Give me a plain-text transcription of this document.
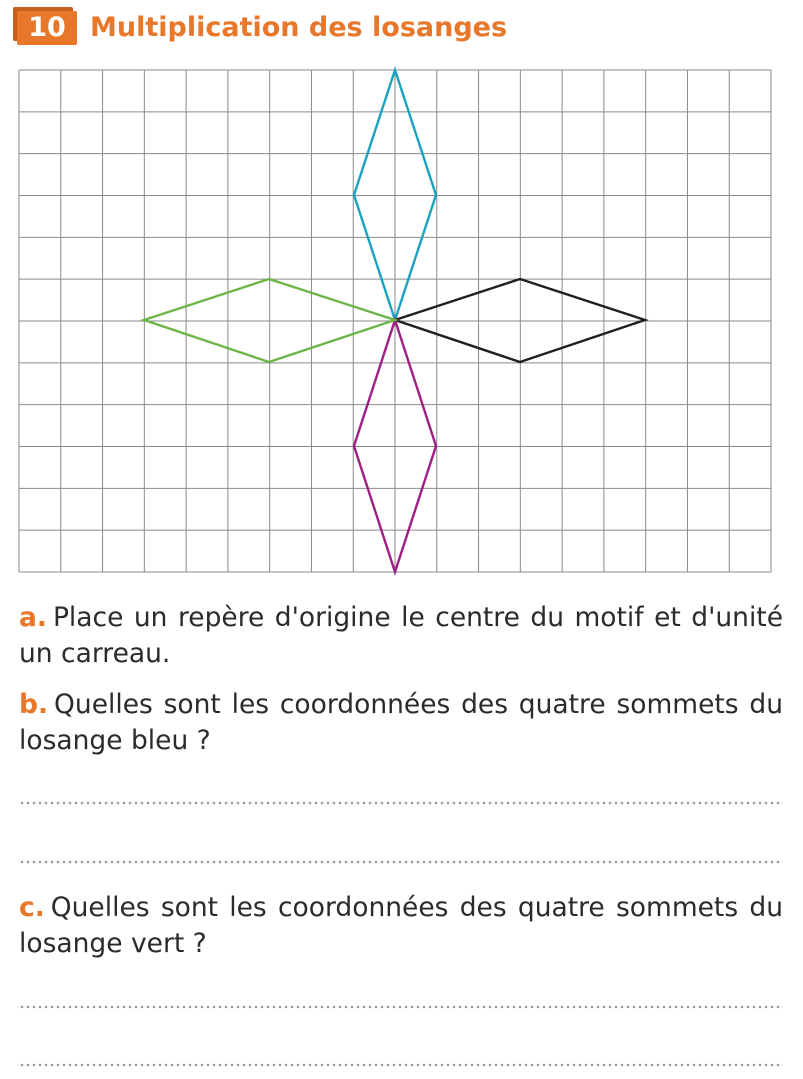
10 Multiplication des losanges
a. Place un repère d'origine le centre du motif et d'unité un carreau.
b. Quelles sont les coordonnées des quatre sommets du losange bleu ?
c. Quelles sont les coordonnées des quatre sommets du losange vert ?
